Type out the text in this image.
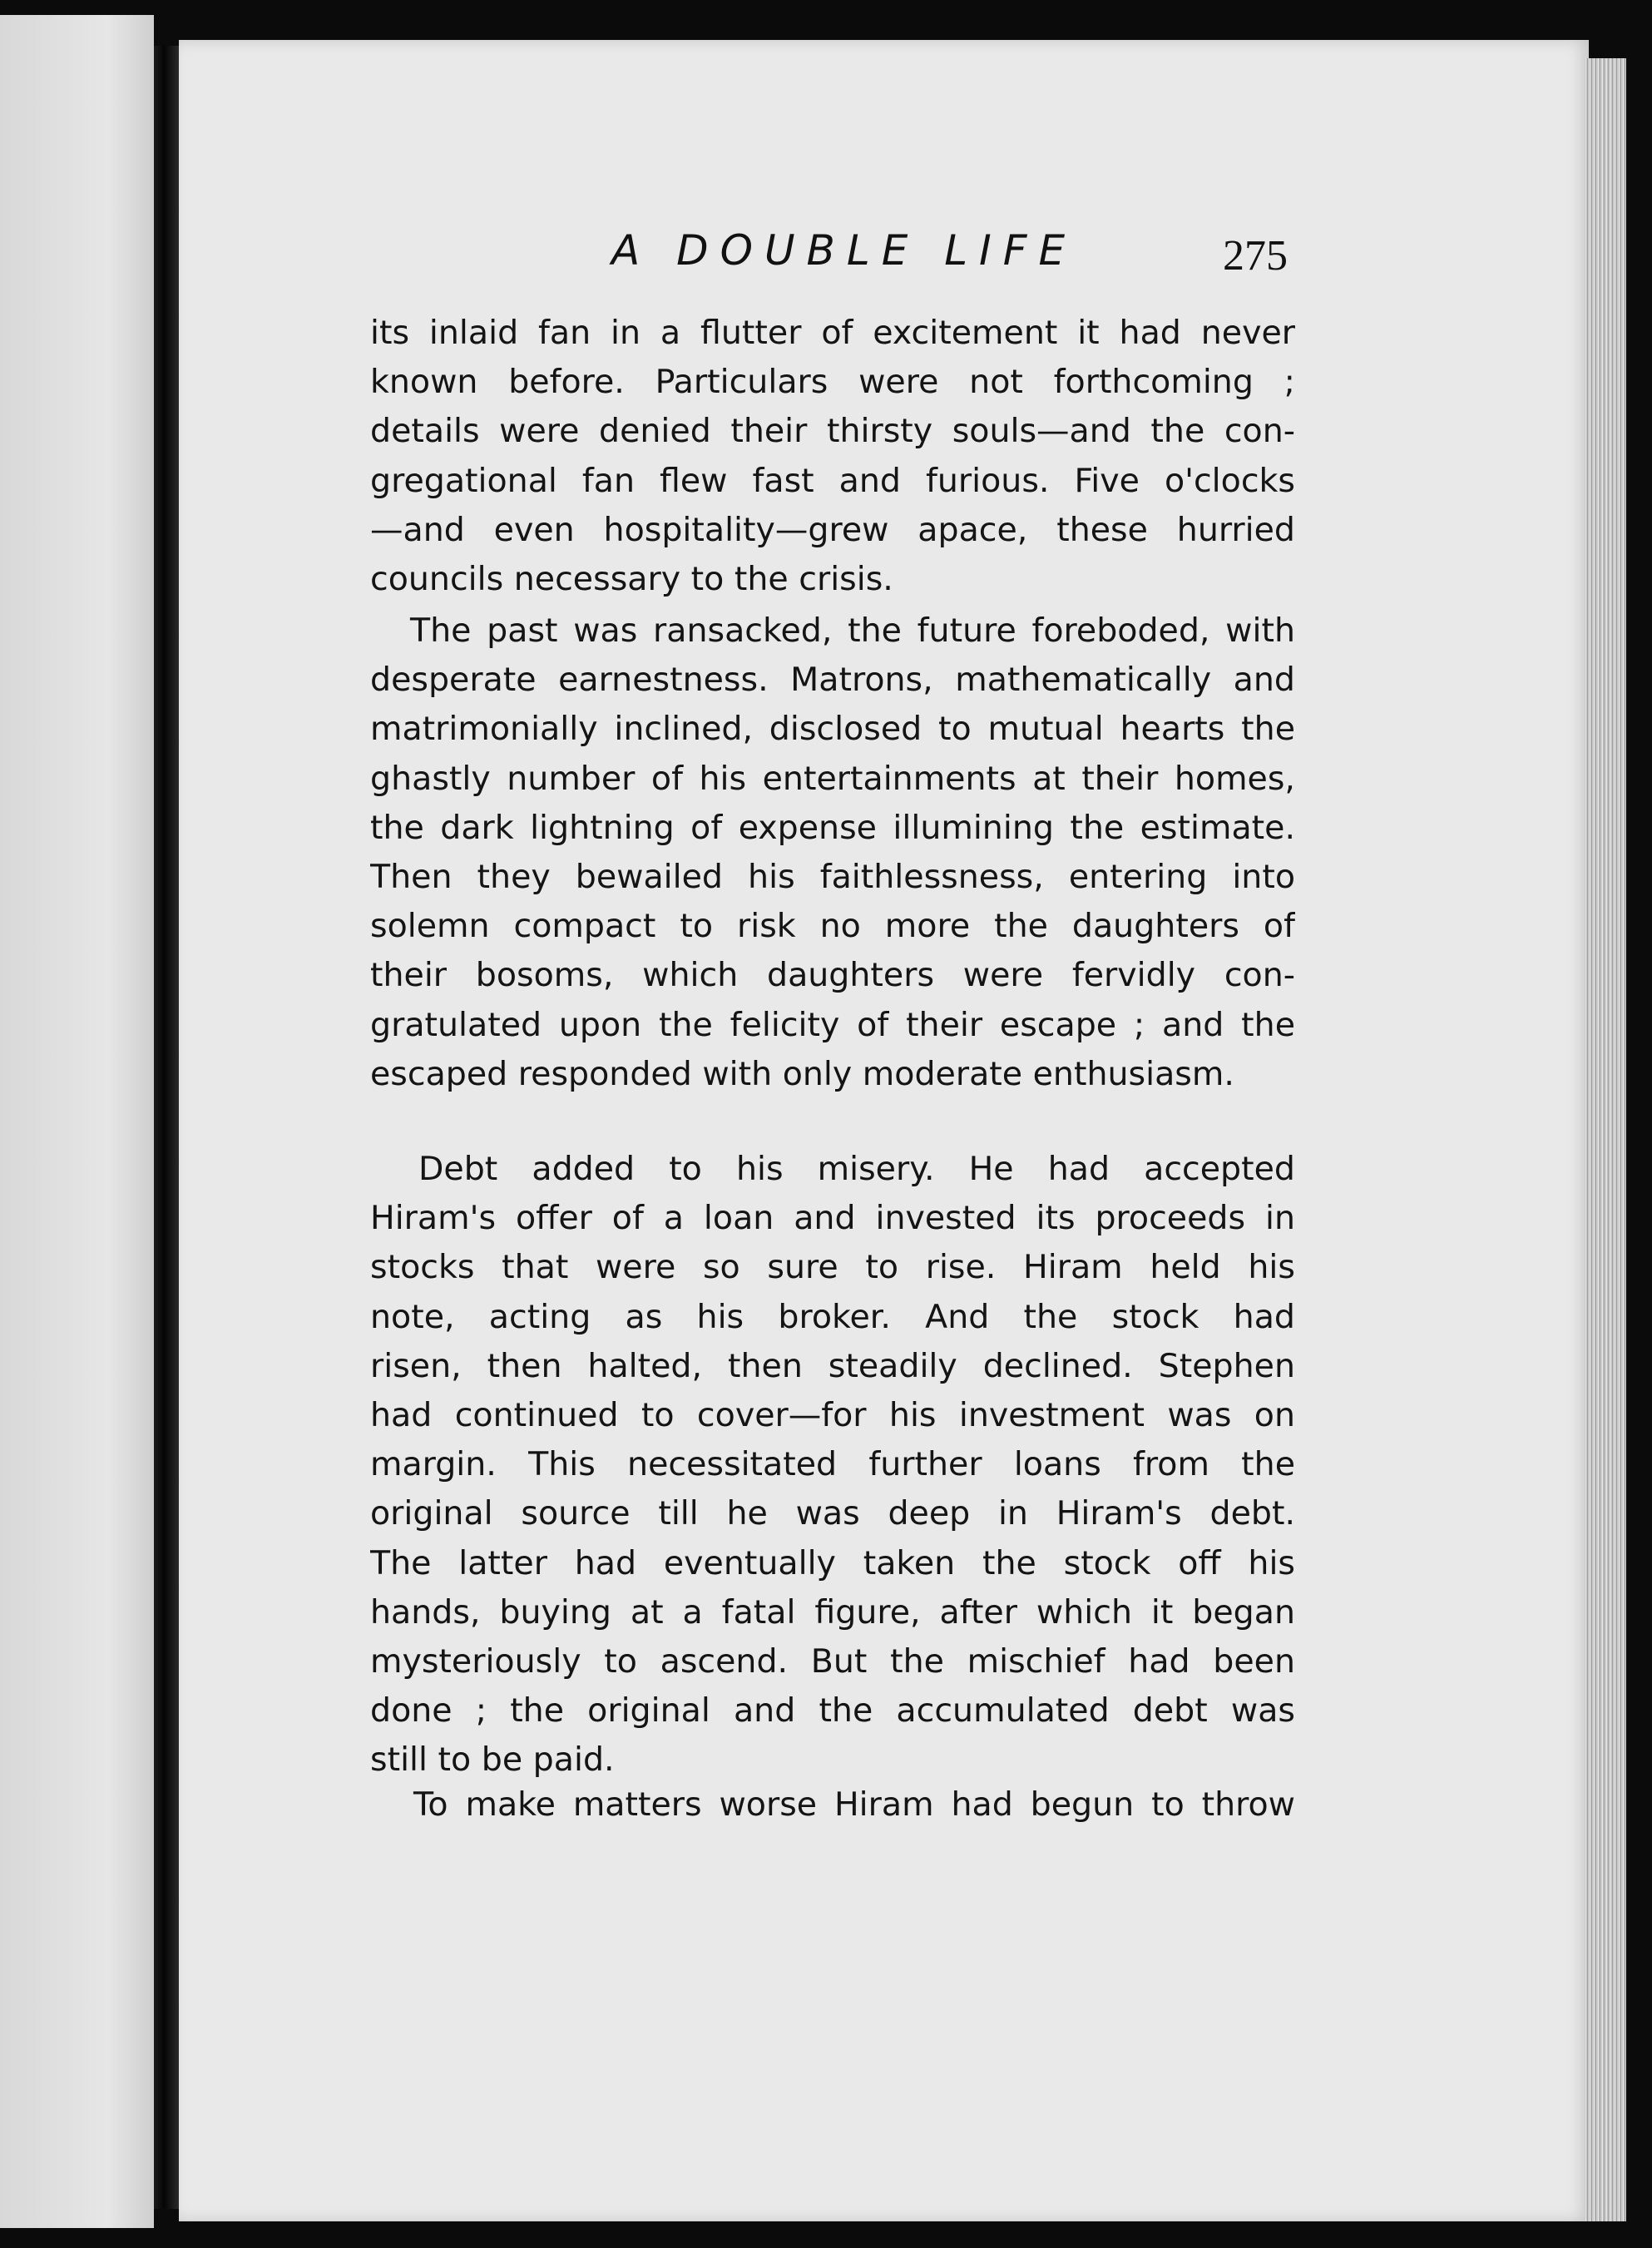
A DOUBLE LIFE	275
its inlaid fan in a flutter of excitement it had never
known before. Particulars were not forthcoming ;
details were denied their thirsty souls—and the con-
gregational fan flew fast and furious. Five o'clocks
—and even hospitality—grew apace, these hurried
councils necessary to the crisis.
The past was ransacked, the future foreboded, with
desperate earnestness. Matrons, mathematically and
matrimonially inclined, disclosed to mutual hearts the
ghastly number of his entertainments at their homes,
the dark lightning of expense illumining the estimate.
Then they bewailed his faithlessness, entering into
solemn compact to risk no more the daughters of
their bosoms, which daughters were fervidly con-
gratulated upon the felicity of their escape ; and the
escaped responded with only moderate enthusiasm.
Debt added to his misery. He had accepted
Hiram's offer of a loan and invested its proceeds in
stocks that were so sure to rise. Hiram held his
note, acting as his broker. And the stock had
risen, then halted, then steadily declined. Stephen
had continued to cover—for his investment was on
margin. This necessitated further loans from the
original source till he was deep in Hiram's debt.
The latter had eventually taken the stock off his
hands, buying at a fatal figure, after which it began
mysteriously to ascend. But the mischief had been
done ; the original and the accumulated debt was
still to be paid.
To make matters worse Hiram had begun to throw
